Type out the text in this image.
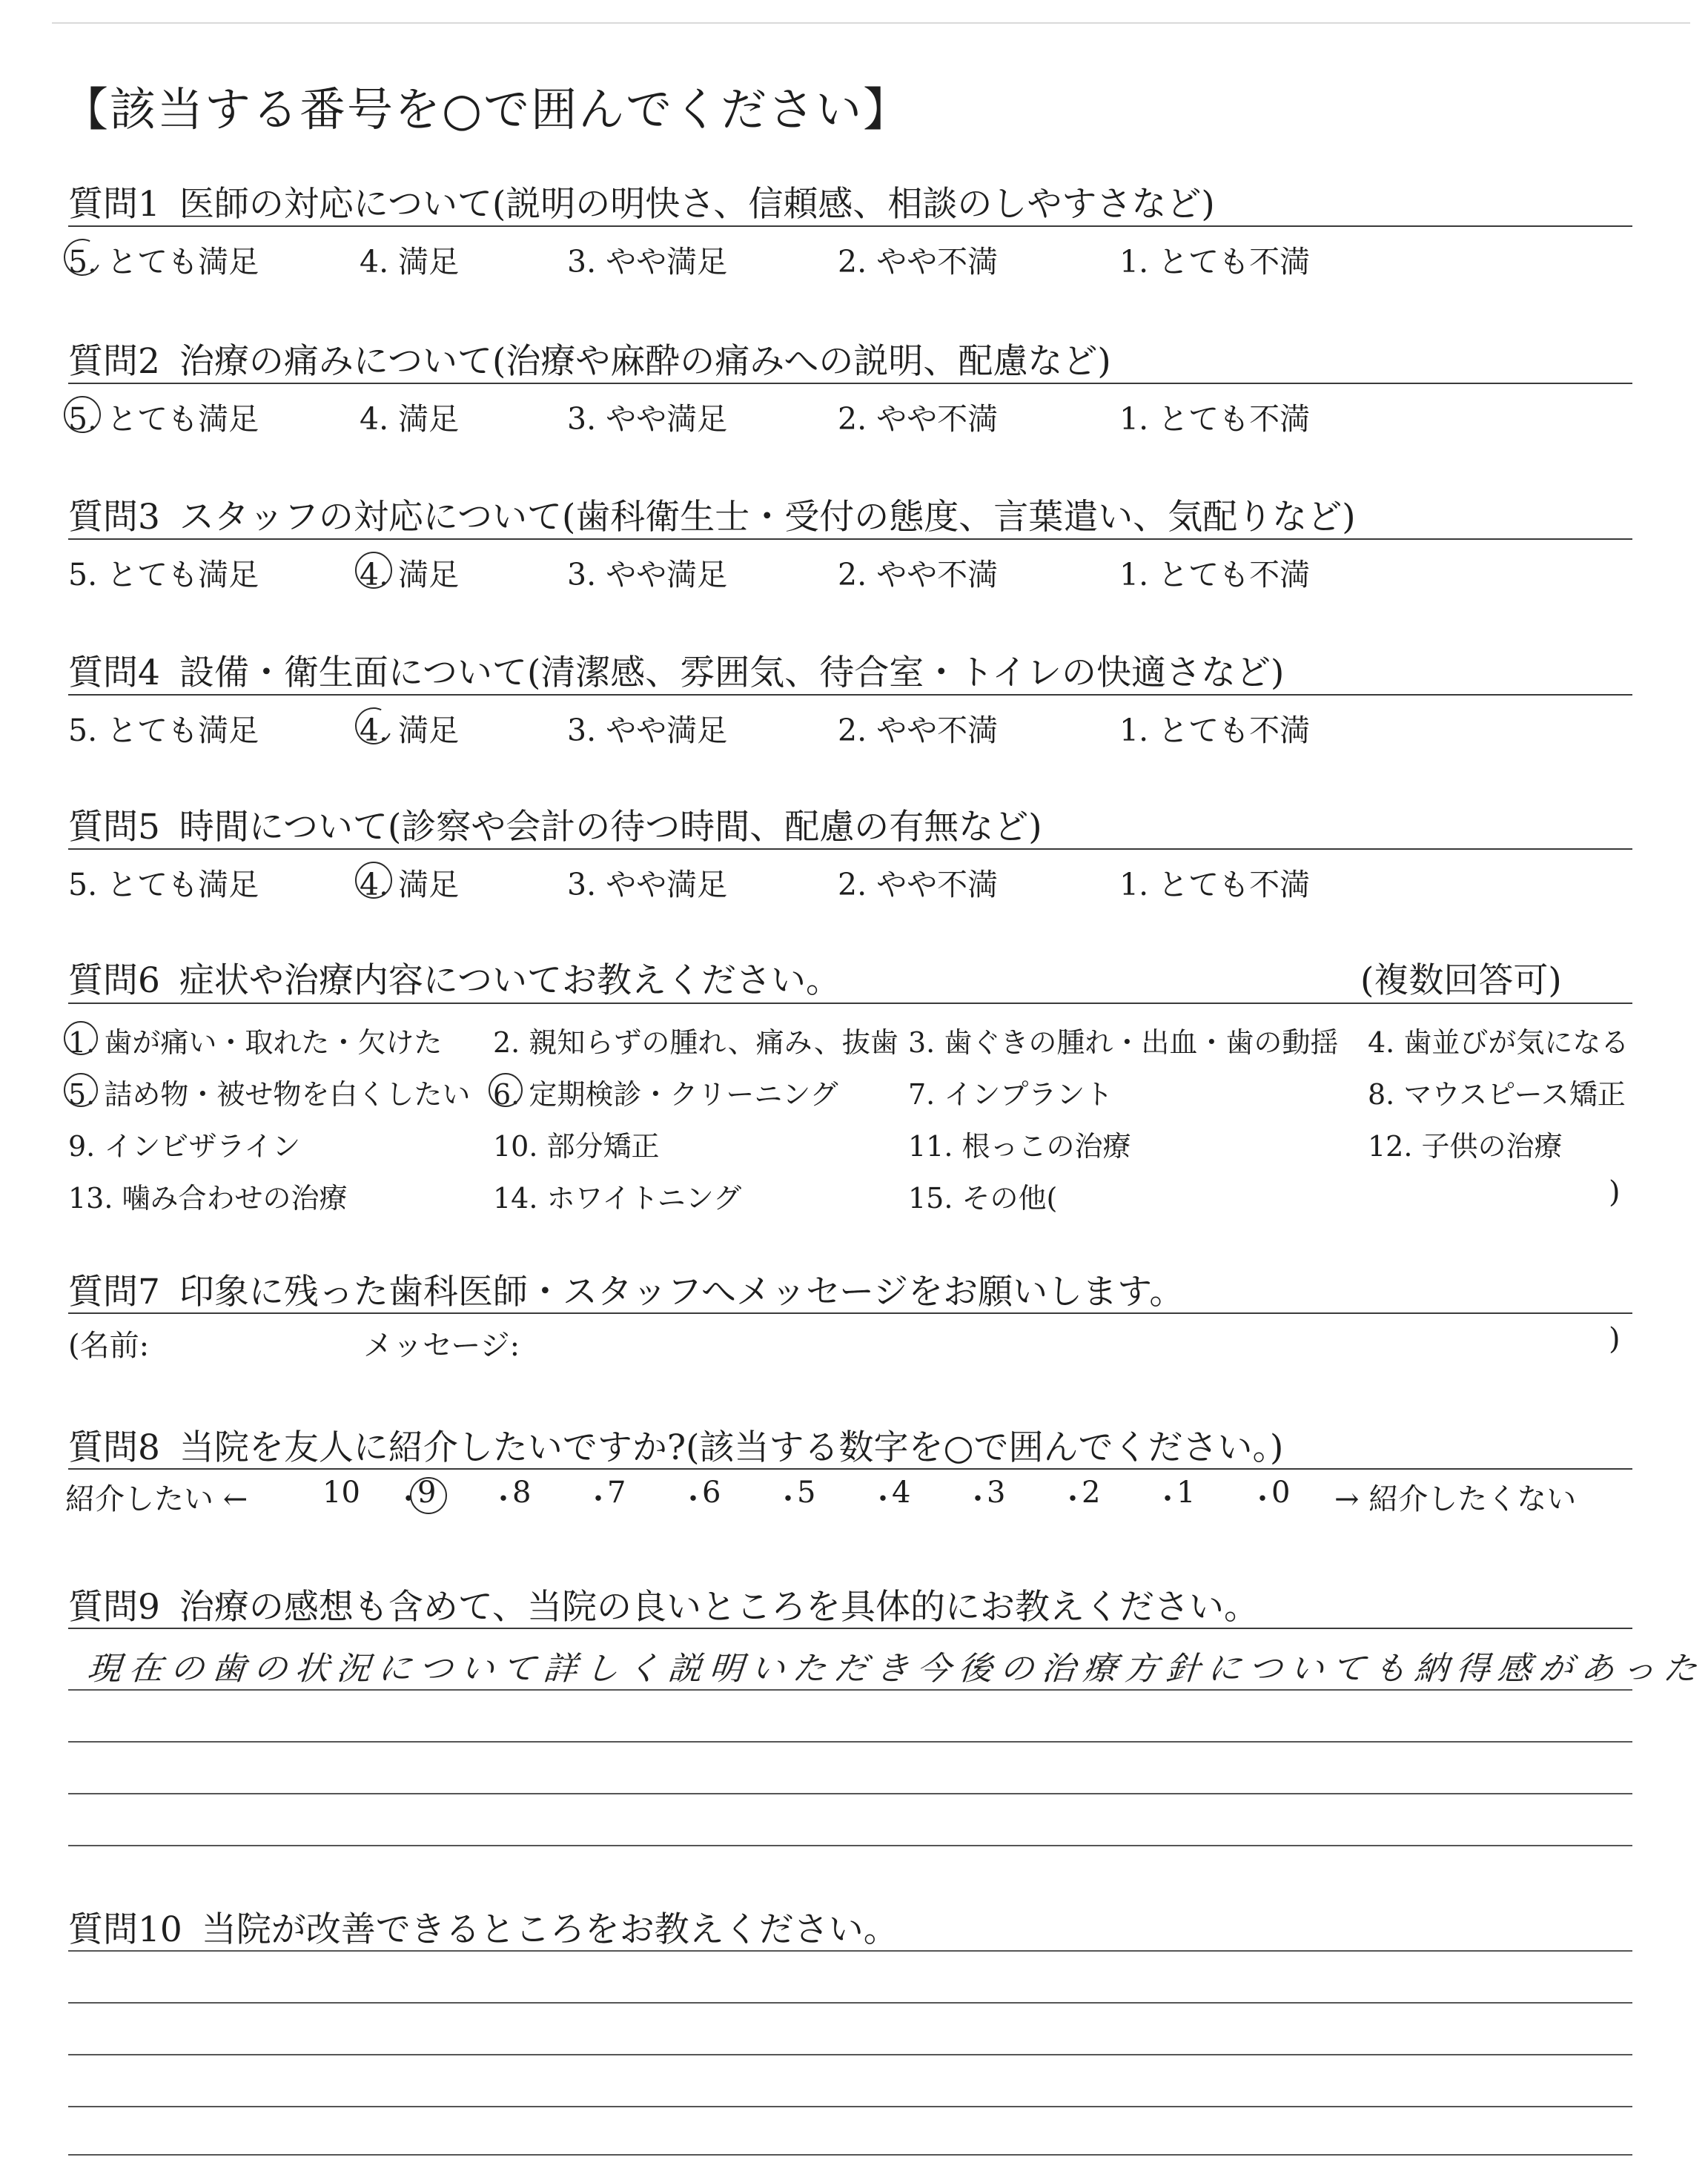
【該当する番号を○で囲んでください】
質問1 医師の対応について(説明の明快さ、信頼感、相談のしやすさなど)
5. とても満足	4. 満足	3. やや満足	2. やや不満	1. とても不満
質問2 治療の痛みについて(治療や麻酔の痛みへの説明、配慮など)
5. とても満足	4. 満足	3. やや満足	2. やや不満	1. とても不満
質問3 スタッフの対応について(歯科衛生士・受付の態度、言葉遣い、気配りなど)
5. とても満足	4. 満足	3. やや満足	2. やや不満	1. とても不満
質問4 設備・衛生面について(清潔感、雰囲気、待合室・トイレの快適さなど)
5. とても満足	4. 満足	3. やや満足	2. やや不満	1. とても不満
質問5 時間について(診察や会計の待つ時間、配慮の有無など)
5. とても満足	4. 満足	3. やや満足	2. やや不満	1. とても不満
質問6 症状や治療内容についてお教えください。	(複数回答可)
1. 歯が痛い・取れた・欠けた 2. 親知らずの腫れ、痛み、抜歯 3. 歯ぐきの腫れ・出血・歯の動揺 4. 歯並びが気になる
5. 詰め物・被せ物を白くしたい 6. 定期検診・クリーニング 7. インプラント	8. マウスピース矯正
9. インビザライン	10. 部分矯正	11. 根っこの治療	12. 子供の治療
13. 噛み合わせの治療	14. ホワイトニング	15. その他(	)
質問7 印象に残った歯科医師・スタッフへメッセージをお願いします。
(名前:	メッセージ:	)
質問8 当院を友人に紹介したいですか?(該当する数字を○で囲んでください。)
紹介したい ←	→ 紹介したくない
10 ・
9 ・
8 ・
7 ・
6 ・
5 ・
4 ・
3 ・
2 ・
1 ・
0
質問9 治療の感想も含めて、当院の良いところを具体的にお教えください。
現在の歯の状況について詳しく説明いただき今後の治療方針についても納得感があった
質問10 当院が改善できるところをお教えください。
